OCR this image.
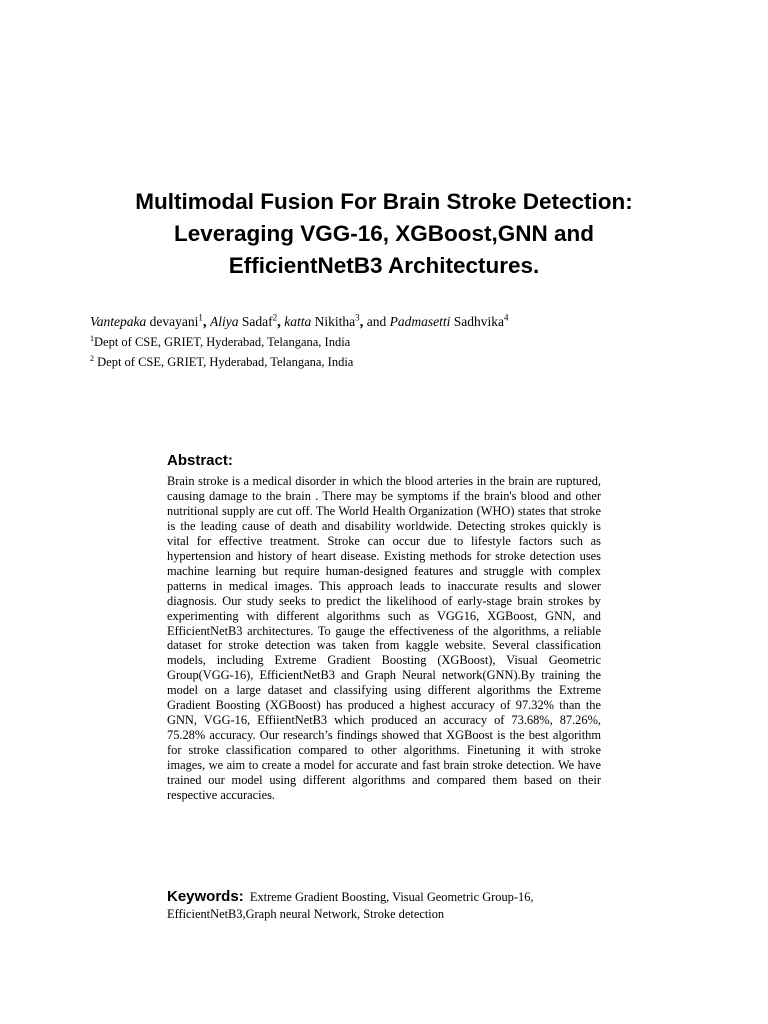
Multimodal Fusion For Brain Stroke Detection:
Leveraging VGG-16, XGBoost,GNN and
EfficientNetB3 Architectures.
Vantepaka devayani$^1$, Aliya Sadaf$^2$, katta Nikitha$^3$, and Padmasetti Sadhvika$^4$
$^1$Dept of CSE, GRIET, Hyderabad, Telangana, India
$^2$ Dept of CSE, GRIET, Hyderabad, Telangana, India
Abstract:

Brain stroke is a medical disorder in which the blood arteries in the brain are ruptured, causing damage to the brain . There may be symptoms if the brain's blood and other nutritional supply are cut off. The World Health Organization (WHO) states that stroke is the leading cause of death and disability worldwide. Detecting strokes quickly is vital for effective treatment. Stroke can occur due to lifestyle factors such as hypertension and history of heart disease. Existing methods for stroke detection uses machine learning but require human-designed features and struggle with complex patterns in medical images. This approach leads to inaccurate results and slower diagnosis. Our study seeks to predict the likelihood of early-stage brain strokes by experimenting with different algorithms such as VGG16, XGBoost, GNN, and EfficientNetB3 architectures. To gauge the effectiveness of the algorithms, a reliable dataset for stroke detection was taken from kaggle website. Several classification models, including Extreme Gradient Boosting (XGBoost), Visual Geometric Group(VGG-16), EfficientNetB3 and Graph Neural network(GNN).By training the model on a large dataset and classifying using different algorithms the Extreme Gradient Boosting (XGBoost) has produced a highest accuracy of 97.32% than the GNN, VGG-16, EffiientNetB3 which produced an accuracy of 73.68%, 87.26%, 75.28% accuracy. Our research’s findings showed that XGBoost is the best algorithm for stroke classification compared to other algorithms. Finetuning it with stroke images, we aim to create a model for accurate and fast brain stroke detection. We have trained our model using different algorithms and compared them based on their respective accuracies.

Keywords: Extreme Gradient Boosting, Visual Geometric Group-16, EfficientNetB3,Graph neural Network, Stroke detection
